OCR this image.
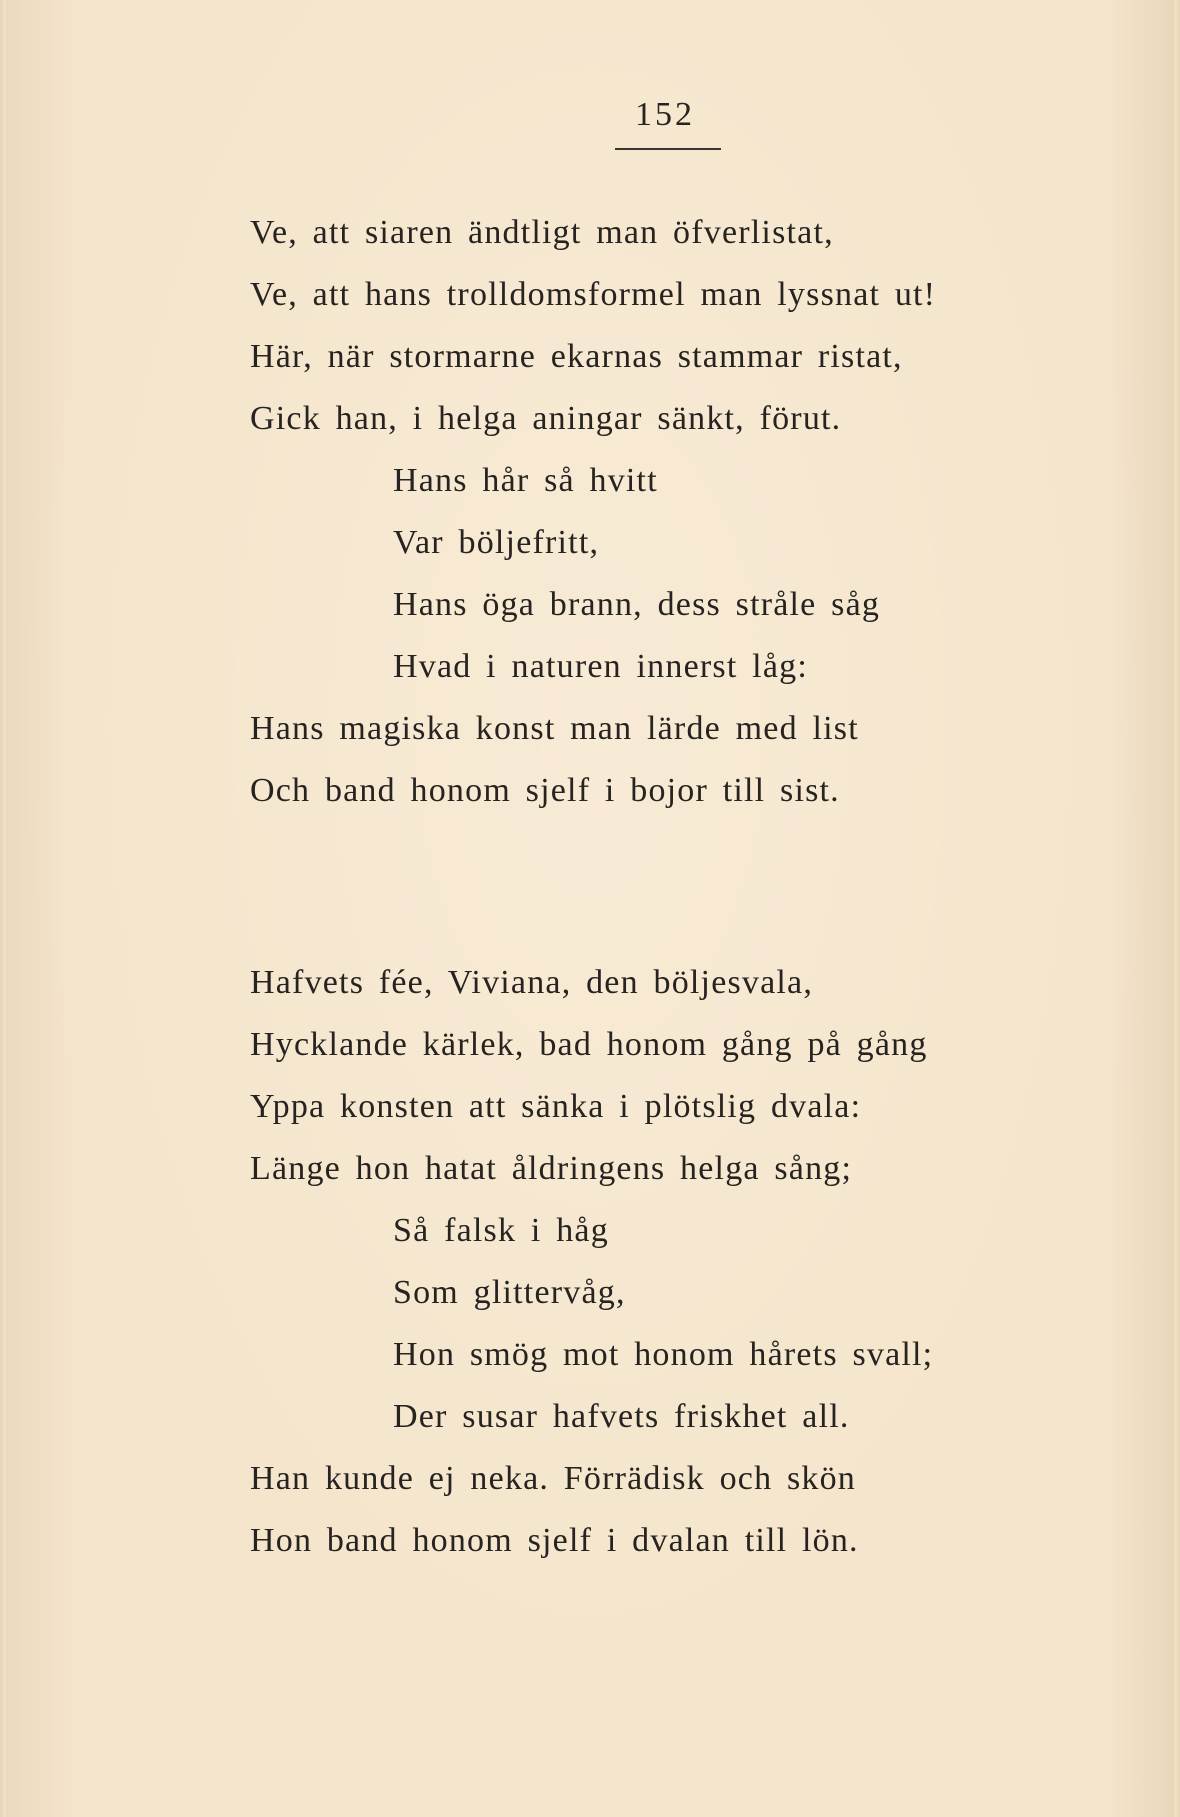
152
Ve, att siaren ändtligt man öfverlistat,
Ve, att hans trolldomsformel man lyssnat ut!
Här, när stormarne ekarnas stammar ristat,
Gick han, i helga aningar sänkt, förut.
Hans hår så hvitt
Var böljefritt,
Hans öga brann, dess stråle såg
Hvad i naturen innerst låg:
Hans magiska konst man lärde med list
Och band honom sjelf i bojor till sist.
Hafvets fée, Viviana, den böljesvala,
Hycklande kärlek, bad honom gång på gång
Yppa konsten att sänka i plötslig dvala:
Länge hon hatat åldringens helga sång;
Så falsk i håg
Som glittervåg,
Hon smög mot honom hårets svall;
Der susar hafvets friskhet all.
Han kunde ej neka. Förrädisk och skön
Hon band honom sjelf i dvalan till lön.
